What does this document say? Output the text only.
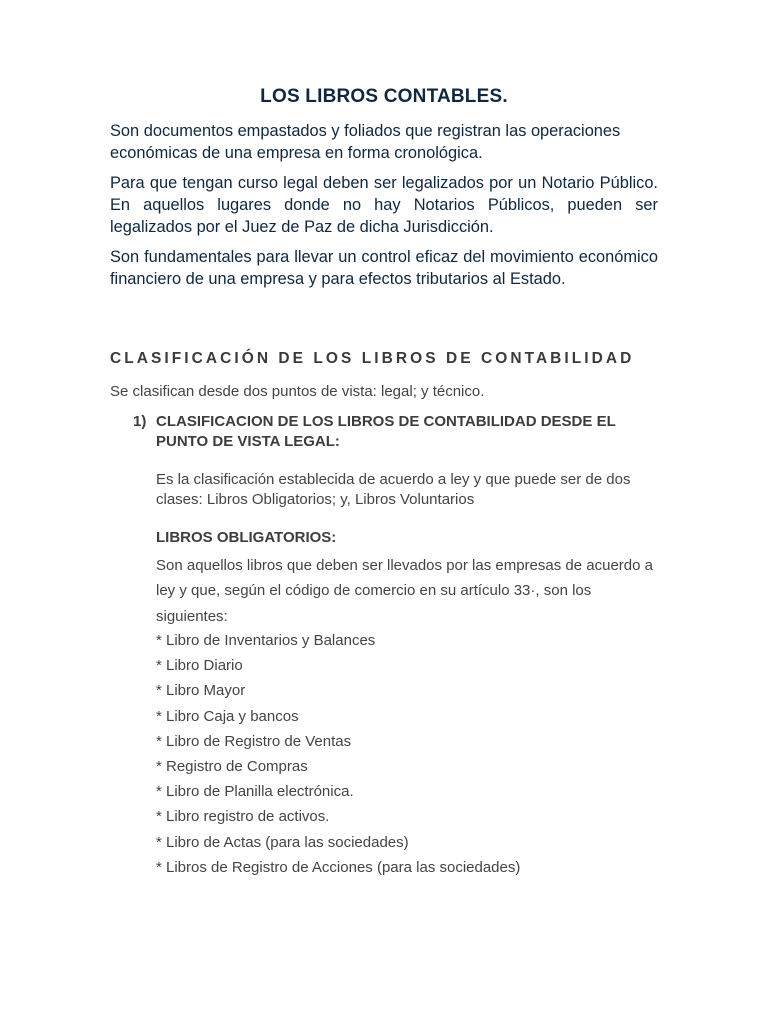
LOS LIBROS CONTABLES.

Son documentos empastados y foliados que registran las operaciones económicas de una empresa en forma cronológica.

Para que tengan curso legal deben ser legalizados por un Notario Público. En aquellos lugares donde no hay Notarios Públicos, pueden ser legalizados por el Juez de Paz de dicha Jurisdicción.

Son fundamentales para llevar un control eficaz del movimiento económico financiero de una empresa y para efectos tributarios al Estado.

CLASIFICACIÓN DE LOS LIBROS DE CONTABILIDAD
Se clasifican desde dos puntos de vista: legal; y técnico.
1) CLASIFICACION DE LOS LIBROS DE CONTABILIDAD DESDE EL PUNTO DE VISTA LEGAL:

Es la clasificación establecida de acuerdo a ley y que puede ser de dos clases: Libros Obligatorios; y, Libros Voluntarios

LIBROS OBLIGATORIOS:

Son aquellos libros que deben ser llevados por las empresas de acuerdo a ley y que, según el código de comercio en su artículo 33·, son los siguientes:

* Libro de Inventarios y Balances
* Libro Diario
* Libro Mayor
* Libro Caja y bancos
* Libro de Registro de Ventas
* Registro de Compras
* Libro de Planilla electrónica.
* Libro registro de activos.
* Libro de Actas (para las sociedades)
* Libros de Registro de Acciones (para las sociedades)
